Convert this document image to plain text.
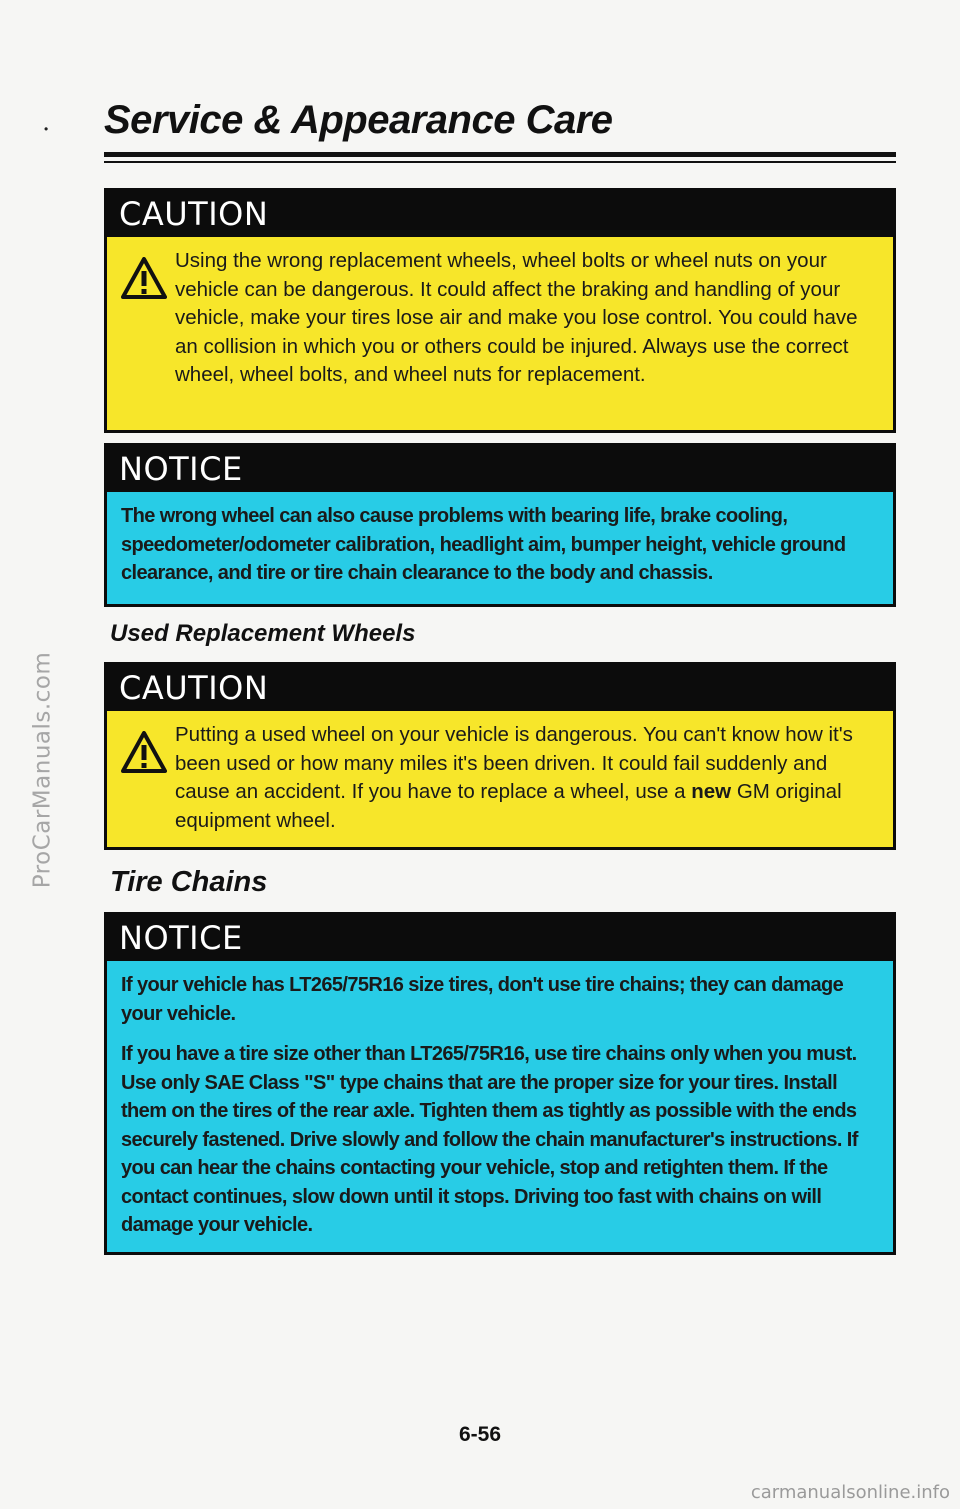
ProCarManuals.com
• Service & Appearance Care
CAUTION

Using the wrong replacement wheels, wheel bolts or wheel nuts on your vehicle can be dangerous. It could affect the braking and handling of your vehicle, make your tires lose air and make you lose control. You could have an collision in which you or others could be injured. Always use the correct wheel, wheel bolts, and wheel nuts for replacement.

NOTICE

The wrong wheel can also cause problems with bearing life, brake cooling, speedometer/odometer calibration, headlight aim, bumper height, vehicle ground clearance, and tire or tire chain clearance to the body and chassis.

Used Replacement Wheels
CAUTION

Putting a used wheel on your vehicle is dangerous. You can't know how it's been used or how many miles it's been driven. It could fail suddenly and cause an accident. If you have to replace a wheel, use a new GM original equipment wheel.

Tire Chains
NOTICE

If your vehicle has LT265/75R16 size tires, don't use tire chains; they can damage your vehicle.

If you have a tire size other than LT265/75R16, use tire chains only when you must. Use only SAE Class "S" type chains that are the proper size for your tires. Install them on the tires of the rear axle. Tighten them as tightly as possible with the ends securely fastened. Drive slowly and follow the chain manufacturer's instructions. If you can hear the chains contacting your vehicle, stop and retighten them. If the contact continues, slow down until it stops. Driving too fast with chains on will damage your vehicle.

6-56
carmanualsonline.info
